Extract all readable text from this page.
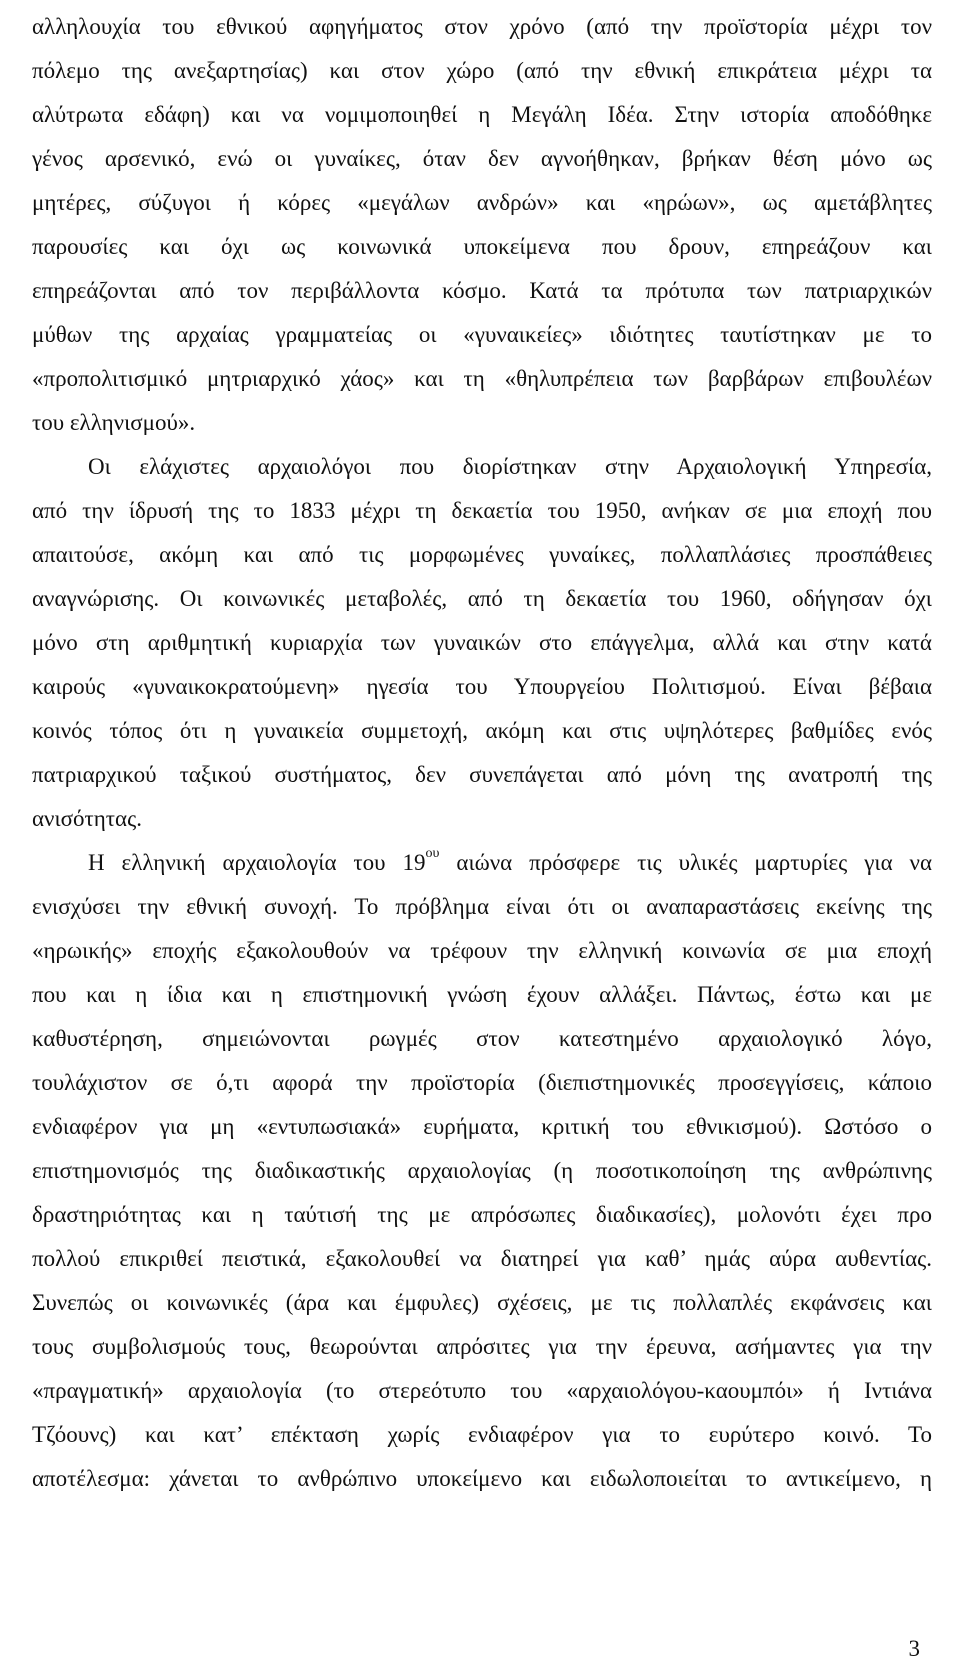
αλληλουχία του εθνικού αφηγήματος στον χρόνο (από την προϊστορία μέχρι τον
πόλεμο της ανεξαρτησίας) και στον χώρο (από την εθνική επικράτεια μέχρι τα
αλύτρωτα εδάφη) και να νομιμοποιηθεί η Μεγάλη Ιδέα. Στην ιστορία αποδόθηκε
γένος αρσενικό, ενώ οι γυναίκες, όταν δεν αγνοήθηκαν, βρήκαν θέση μόνο ως
μητέρες, σύζυγοι ή κόρες «μεγάλων ανδρών» και «ηρώων», ως αμετάβλητες
παρουσίες και όχι ως κοινωνικά υποκείμενα που δρουν, επηρεάζουν και
επηρεάζονται από τον περιβάλλοντα κόσμο. Κατά τα πρότυπα των πατριαρχικών
μύθων της αρχαίας γραμματείας οι «γυναικείες» ιδιότητες ταυτίστηκαν με το
«προπολιτισμικό μητριαρχικό χάος» και τη «θηλυπρέπεια των βαρβάρων επιβουλέων
του ελληνισμού».
Οι ελάχιστες αρχαιολόγοι που διορίστηκαν στην Αρχαιολογική Υπηρεσία,
από την ίδρυσή της το 1833 μέχρι τη δεκαετία του 1950, ανήκαν σε μια εποχή που
απαιτούσε, ακόμη και από τις μορφωμένες γυναίκες, πολλαπλάσιες προσπάθειες
αναγνώρισης. Οι κοινωνικές μεταβολές, από τη δεκαετία του 1960, οδήγησαν όχι
μόνο στη αριθμητική κυριαρχία των γυναικών στο επάγγελμα, αλλά και στην κατά
καιρούς «γυναικοκρατούμενη» ηγεσία του Υπουργείου Πολιτισμού. Είναι βέβαια
κοινός τόπος ότι η γυναικεία συμμετοχή, ακόμη και στις υψηλότερες βαθμίδες ενός
πατριαρχικού ταξικού συστήματος, δεν συνεπάγεται από μόνη της ανατροπή της
ανισότητας.
Η ελληνική αρχαιολογία του $19^{o\upsilon}$ αιώνα πρόσφερε τις υλικές μαρτυρίες για να
ενισχύσει την εθνική συνοχή. Το πρόβλημα είναι ότι οι αναπαραστάσεις εκείνης της
«ηρωικής» εποχής εξακολουθούν να τρέφουν την ελληνική κοινωνία σε μια εποχή
που και η ίδια και η επιστημονική γνώση έχουν αλλάξει. Πάντως, έστω και με
καθυστέρηση, σημειώνονται ρωγμές στον κατεστημένο αρχαιολογικό λόγο,
τουλάχιστον σε ό,τι αφορά την προϊστορία (διεπιστημονικές προσεγγίσεις, κάποιο
ενδιαφέρον για μη «εντυπωσιακά» ευρήματα, κριτική του εθνικισμού). Ωστόσο ο
επιστημονισμός της διαδικαστικής αρχαιολογίας (η ποσοτικοποίηση της ανθρώπινης
δραστηριότητας και η ταύτισή της με απρόσωπες διαδικασίες), μολονότι έχει προ
πολλού επικριθεί πειστικά, εξακολουθεί να διατηρεί για καθ’ ημάς αύρα αυθεντίας.
Συνεπώς οι κοινωνικές (άρα και έμφυλες) σχέσεις, με τις πολλαπλές εκφάνσεις και
τους συμβολισμούς τους, θεωρούνται απρόσιτες για την έρευνα, ασήμαντες για την
«πραγματική» αρχαιολογία (το στερεότυπο του «αρχαιολόγου-καουμπόι» ή Ιντιάνα
Τζόουνς) και κατ’ επέκταση χωρίς ενδιαφέρον για το ευρύτερο κοινό. Το
αποτέλεσμα: χάνεται το ανθρώπινο υποκείμενο και ειδωλοποιείται το αντικείμενο, η
3
